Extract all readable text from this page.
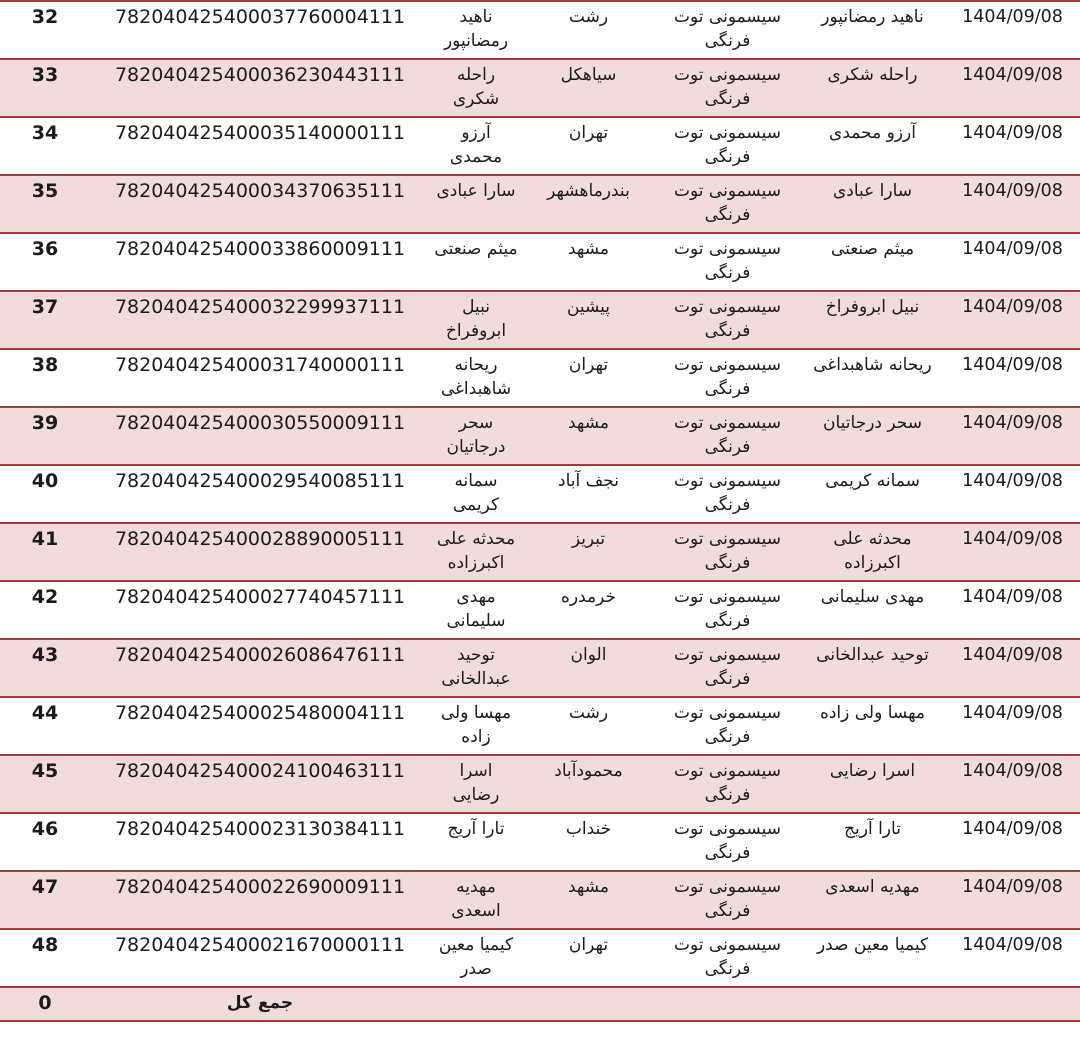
32	782040425400037760004111	ناهید رمضانپور	رشت	سیسمونی توت فرنگی	ناهید رمضانپور	1404/09/08
33	782040425400036230443111	راحله شکری	سیاهکل	سیسمونی توت فرنگی	راحله شکری	1404/09/08
34	782040425400035140000111	آرزو محمدی	تهران	سیسمونی توت فرنگی	آرزو محمدی	1404/09/08
35	782040425400034370635111	سارا عبادی	بندرماهشهر	سیسمونی توت فرنگی	سارا عبادی	1404/09/08
36	782040425400033860009111	میثم صنعتی	مشهد	سیسمونی توت فرنگی	میثم صنعتی	1404/09/08
37	782040425400032299937111	نبیل ابروفراخ	پیشین	سیسمونی توت فرنگی	نبیل ابروفراخ	1404/09/08
38	782040425400031740000111	ریحانه شاهبداغی	تهران	سیسمونی توت فرنگی	ریحانه شاهبداغی	1404/09/08
39	782040425400030550009111	سحر درجاتیان	مشهد	سیسمونی توت فرنگی	سحر درجاتیان	1404/09/08
40	782040425400029540085111	سمانه کریمی	نجف آباد	سیسمونی توت فرنگی	سمانه کریمی	1404/09/08
41	782040425400028890005111	محدثه علی اکبرزاده	تبریز	سیسمونی توت فرنگی	محدثه علی اکبرزاده	1404/09/08
42	782040425400027740457111	مهدی سلیمانی	خرمدره	سیسمونی توت فرنگی	مهدی سلیمانی	1404/09/08
43	782040425400026086476111	توحید عبدالخانی	الوان	سیسمونی توت فرنگی	توحید عبدالخانی	1404/09/08
44	782040425400025480004111	مهسا ولی زاده	رشت	سیسمونی توت فرنگی	مهسا ولی زاده	1404/09/08
45	782040425400024100463111	اسرا رضایی	محمودآباد	سیسمونی توت فرنگی	اسرا رضایی	1404/09/08
46	782040425400023130384111	تارا آریج	خنداب	سیسمونی توت فرنگی	تارا آریج	1404/09/08
47	782040425400022690009111	مهدیه اسعدی	مشهد	سیسمونی توت فرنگی	مهدیه اسعدی	1404/09/08
48	782040425400021670000111	کیمیا معین صدر	تهران	سیسمونی توت فرنگی	کیمیا معین صدر	1404/09/08
0	جمع کل					
